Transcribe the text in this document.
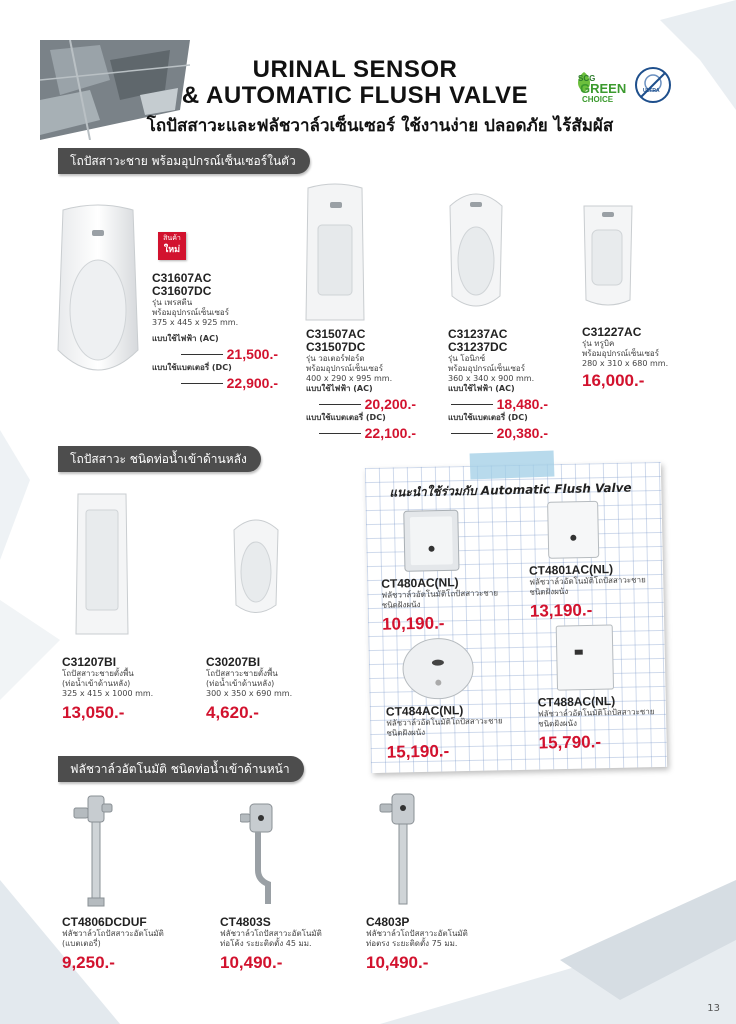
URINAL SENSOR
& AUTOMATIC FLUSH VALVE
โถปัสสาวะและฟลัชวาล์วเซ็นเซอร์ ใช้งานง่าย ปลอดภัย ไร้สัมผัส
SCG
GREEN
CHOICE
ULTRA
โถปัสสาวะชาย พร้อมอุปกรณ์เซ็นเซอร์ในตัว
สินค้า
ใหม่
C31607AC
C31607DC
รุ่น เพรสตีน
พร้อมอุปกรณ์เซ็นเซอร์
375 x 445 x 925 mm.
แบบใช้ไฟฟ้า (AC)
21,500.-
แบบใช้แบตเตอรี่ (DC)
22,900.-
C31507AC
C31507DC
รุ่น วอเตอร์ฟอร์ด
พร้อมอุปกรณ์เซ็นเซอร์
400 x 290 x 995 mm.
แบบใช้ไฟฟ้า (AC)
20,200.-
แบบใช้แบตเตอรี่ (DC)
22,100.-
C31237AC
C31237DC
รุ่น โอนิกซ์
พร้อมอุปกรณ์เซ็นเซอร์
360 x 340 x 900 mm.
แบบใช้ไฟฟ้า (AC)
18,480.-
แบบใช้แบตเตอรี่ (DC)
20,380.-
C31227AC
รุ่น ทรูบิค
พร้อมอุปกรณ์เซ็นเซอร์
280 x 310 x 680 mm.
16,000.-
โถปัสสาวะ ชนิดท่อน้ำเข้าด้านหลัง
C31207BI
โถปัสสาวะชายตั้งพื้น
(ท่อน้ำเข้าด้านหลัง)
325 x 415 x 1000 mm.
13,050.-
C30207BI
โถปัสสาวะชายตั้งพื้น
(ท่อน้ำเข้าด้านหลัง)
300 x 350 x 690 mm.
4,620.-
แนะนำใช้ร่วมกับ Automatic Flush Valve
CT480AC(NL)
ฟลัชวาล์วอัตโนมัติโถปัสสาวะชาย
ชนิดฝังผนัง
10,190.-
CT4801AC(NL)
ฟลัชวาล์วอัตโนมัติโถปัสสาวะชาย
ชนิดฝังผนัง
13,190.-
CT484AC(NL)
ฟลัชวาล์วอัตโนมัติโถปัสสาวะชาย
ชนิดฝังผนัง
15,190.-
CT488AC(NL)
ฟลัชวาล์วอัตโนมัติโถปัสสาวะชาย
ชนิดฝังผนัง
15,790.-
ฟลัชวาล์วอัตโนมัติ ชนิดท่อน้ำเข้าด้านหน้า
CT4806DCDUF
ฟลัชวาล์วโถปัสสาวะอัตโนมัติ
(แบตเตอรี่)
9,250.-
CT4803S
ฟลัชวาล์วโถปัสสาวะอัตโนมัติ
ท่อโค้ง ระยะติดตั้ง 45 มม.
10,490.-
C4803P
ฟลัชวาล์วโถปัสสาวะอัตโนมัติ
ท่อตรง ระยะติดตั้ง 75 มม.
10,490.-
13
